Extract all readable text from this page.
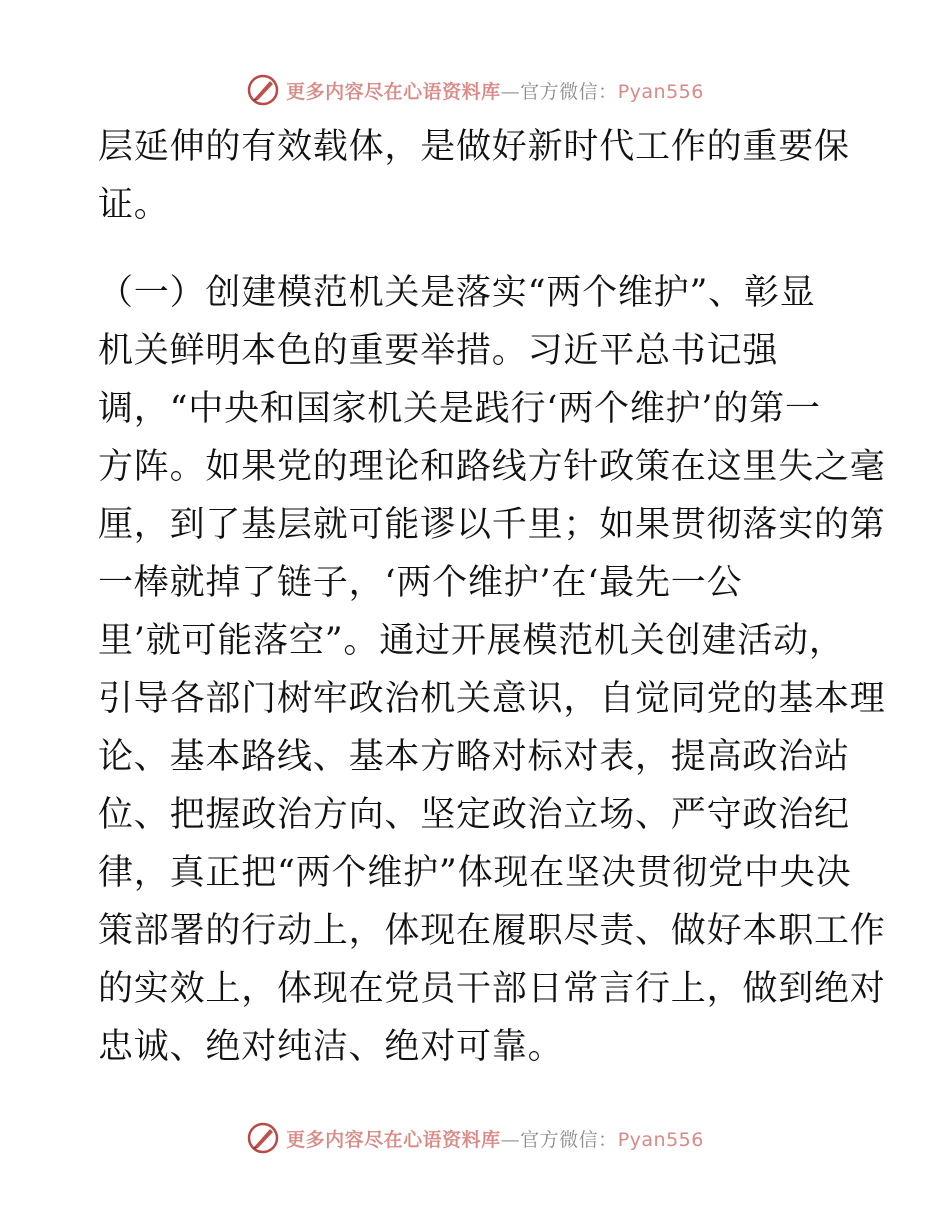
更多内容尽在心语资料库—官方微信：Pyan556
层延伸的有效载体，是做好新时代工作的重要保
证。
（一）创建模范机关是落实“两个维护”、彰显
机关鲜明本色的重要举措。习近平总书记强
调，“中央和国家机关是践行‘两个维护’的第一
方阵。如果党的理论和路线方针政策在这里失之毫
厘，到了基层就可能谬以千里；如果贯彻落实的第
一棒就掉了链子，‘两个维护’在‘最先一公
里’就可能落空”。通过开展模范机关创建活动，
引导各部门树牢政治机关意识，自觉同党的基本理
论、基本路线、基本方略对标对表，提高政治站
位、把握政治方向、坚定政治立场、严守政治纪
律，真正把“两个维护”体现在坚决贯彻党中央决
策部署的行动上，体现在履职尽责、做好本职工作
的实效上，体现在党员干部日常言行上，做到绝对
忠诚、绝对纯洁、绝对可靠。
更多内容尽在心语资料库—官方微信：Pyan556
